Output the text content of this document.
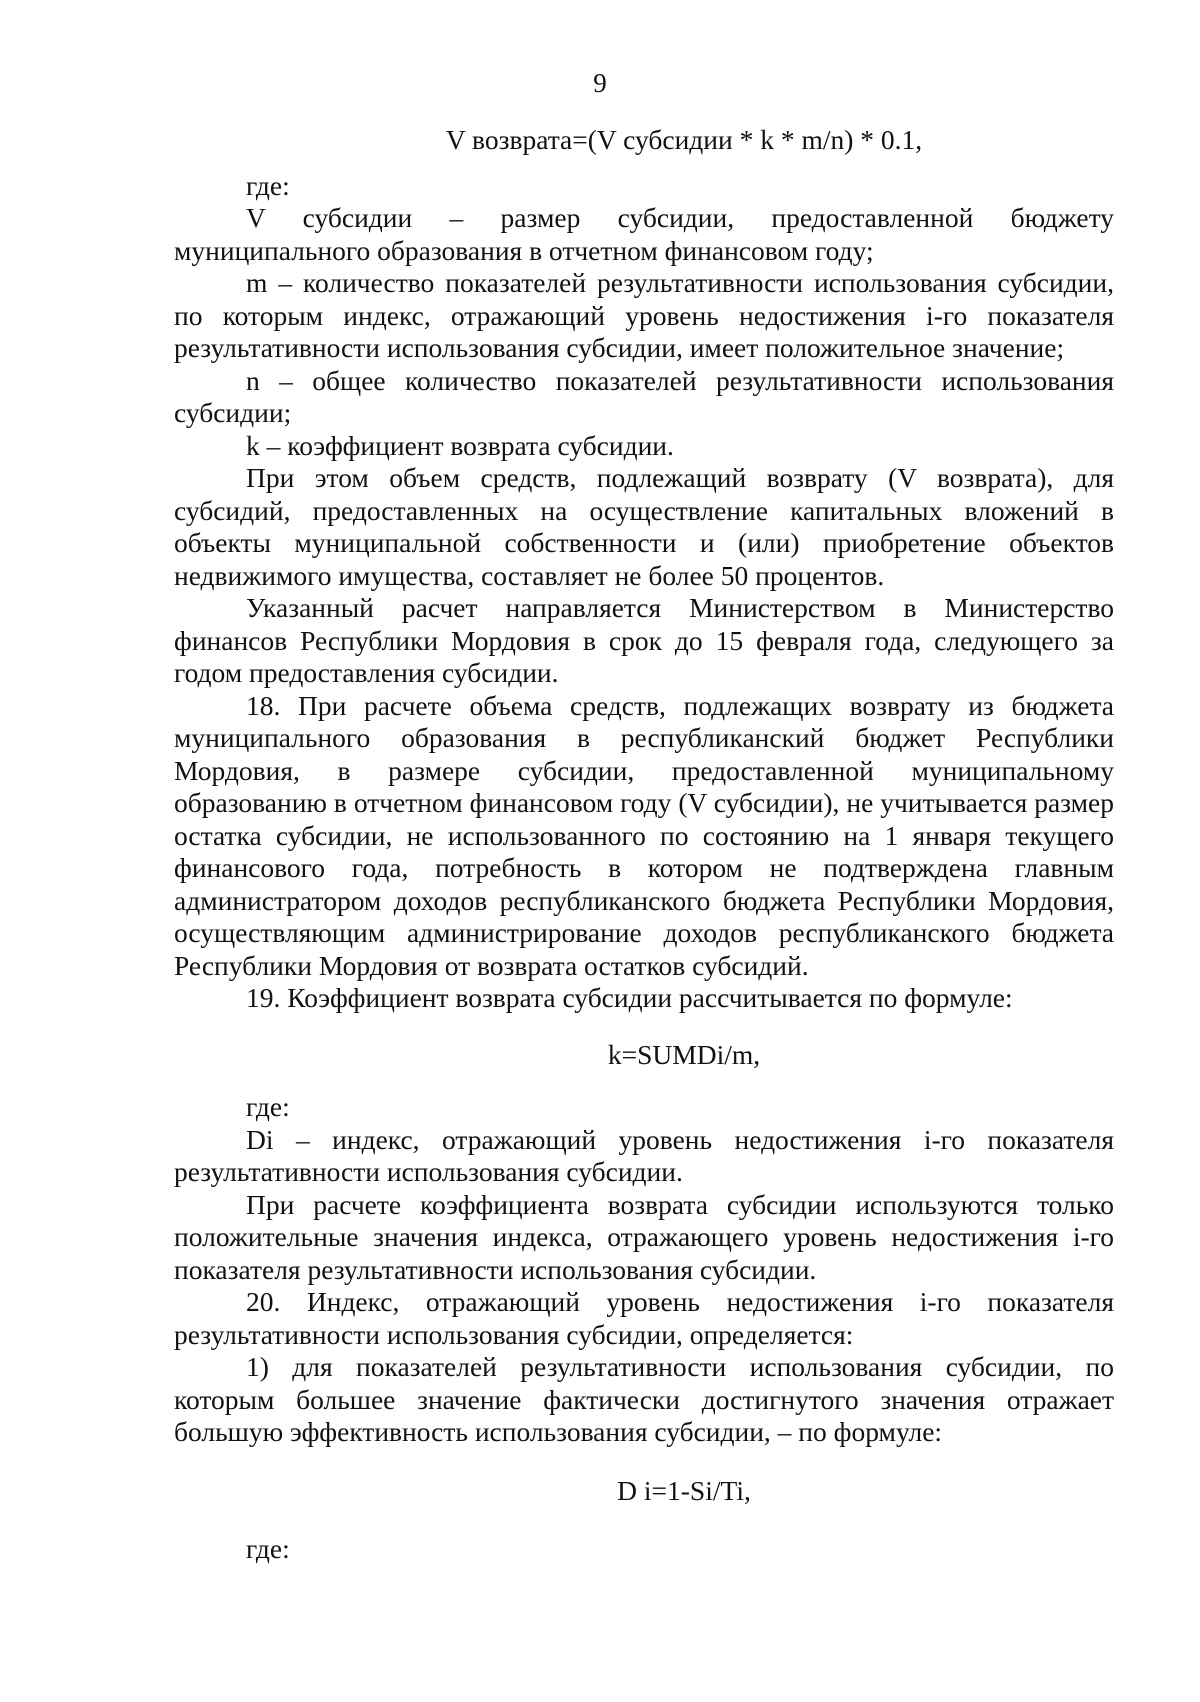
9

V возврата=(V субсидии * k * m/n) * 0.1,

где:

V субсидии – размер субсидии, предоставленной бюджету

муниципального образования в отчетном финансовом году;

m – количество показателей результативности использования субсидии, по которым индекс, отражающий уровень недостижения i-го показателя результативности использования субсидии, имеет положительное значение;

n – общее количество показателей результативности использования субсидии;

k – коэффициент возврата субсидии.

При этом объем средств, подлежащий возврату (V возврата), для субсидий, предоставленных на осуществление капитальных вложений в объекты муниципальной собственности и (или) приобретение объектов недвижимого имущества, составляет не более 50 процентов.

Указанный расчет направляется Министерством в Министерство финансов Республики Мордовия в срок до 15 февраля года, следующего за годом предоставления субсидии.

18. При расчете объема средств, подлежащих возврату из бюджета муниципального образования в республиканский бюджет Республики Мордовия, в размере субсидии, предоставленной муниципальному образованию в отчетном финансовом году (V субсидии), не учитывается размер остатка субсидии, не использованного по состоянию на 1 января текущего финансового года, потребность в котором не подтверждена главным администратором доходов республиканского бюджета Республики Мордовия, осуществляющим администрирование доходов республиканского бюджета Республики Мордовия от возврата остатков субсидий.

19. Коэффициент возврата субсидии рассчитывается по формуле:

k=SUMDi/m,

где:

Di – индекс, отражающий уровень недостижения i-го показателя результативности использования субсидии.

При расчете коэффициента возврата субсидии используются только положительные значения индекса, отражающего уровень недостижения i-го показателя результативности использования субсидии.

20. Индекс, отражающий уровень недостижения i-го показателя результативности использования субсидии, определяется:

1) для показателей результативности использования субсидии, по которым большее значение фактически достигнутого значения отражает большую эффективность использования субсидии, – по формуле:

D i=1-Si/Ti,

где:
